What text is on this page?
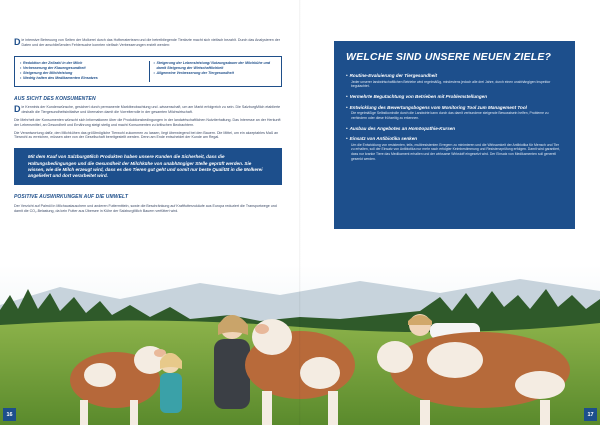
Die intensive Betreuung von Seiten der Molkerei durch das Hofberaterteam und die betreibliegende Tierärzte macht sich vielfach bezahlt. Durch das Analysieren der Daten und der anschließenden Fehlersuche konnten vielfach Verbesserungen erzielt werden:

• Reduktion der Zellzahl in der Milch
• Verbesserung der Klauengesundheit
• Steigerung der Milchleistung
• Niedrig halten des Medikamenten Einsatzes
• Steigerung der Lebensleistung/ Nutzungsdauer der Milchkühe und damit Steigerung der Wirtschaftlichkeit
• Allgemeine Verbesserung der Tiergesundheit
AUS SICHT DES KONSUMENTEN

Die Kenntnis der Kundenwünsche, gesichert durch permanente Marktbeobachtung und -wissenschaft, um am Markt erfolgreich zu sein. Die SalzburgMilch etablierte deshalb die Tiergesundheitsinitiative und übernahm damit die Vorreiterrolle in der gesamten Milchwirtschaft.

Die Mehrheit der Konsumenten wünscht sich Informationen über die Produktionsbedingungen in der landwirtschaftlichen Nutztierhaltung. Das Interesse an der Herkunft der Lebensmittel, an Gesundheit und Ernährung steigt stetig und macht Konsumenten zu kritischen Beobachtern.

Die Verantwortung dafür, den Milchkühen das größtmögliche Tierwohl zukommen zu lassen, liegt überwiegend bei den Bauern. Die Mittel, um ein akzeptables Maß an Tierwohl zu erreichen, müssen aber von der Gesellschaft bereitgestellt werden. Denn am Ende entscheidet der Kunde am Regal.

Mit dem Kauf von SalzburgMilch Produkten haben unsere Kunden die Sicherheit, dass die Haltungsbedingungen und die Gesundheit der Milchkühe von unabhängiger Stelle geprüft werden. Sie wissen, wie die Milch erzeugt wird, dass es den Tieren gut geht und somit nur beste Qualität in die Molkerei angeliefert und dort verarbeitet wird.
POSITIVE AUSWIRKUNGEN AUF DIE UMWELT

Der Verzicht auf Palmöl in Milchaustauschern und anderen Futtermitteln, sowie die Beschränkung auf Kraftfutterzukäufe aus Europa reduziert die Transportwege und damit die CO₂-Belastung, da kein Futter aus Übersee in Kühe der SalzburgMilch Bauern verfüttert wird.

WELCHE SIND UNSERE NEUEN ZIELE?
• Routine-Evaluierung der Tiergesundheit
Jeder unserer landwirtschaftlichen Betriebe wird regelmäßig, mindestens jedoch alle drei Jahre, durch einen unabhängigen Inspektor begutachtet.
• Vermehrte Begutachtung von Betrieben mit Problemstellungen
• Entwicklung des Bewertungsbogens vom Monitoring Tool zum Management Tool
Die regelmäßige Selbstkontrolle durch die Landwirte kann durch das damit verbundene steigende Bewusstsein helfen, Probleme zu verhindern oder diese frühzeitig zu erkennen.
• Ausbau des Angebotes an Homöopathie-Kursen
• Einsatz von Antibiotika senken
Um die Entwicklung von resistenten, teils, multiresistenten Erregern zu minimieren und die Wirksamkeit der Antibiotika für Mensch und Tier zu erhalten, soll der Einsatz von Antibiotika nur mehr nach erfolgter Keimbestimmung und Resistenzprüfung erfolgen. Damit wird garantiert, dass nur kranke Tiere das Medikament erhalten und der wirksame Wirkstoff eingesetzt wird. Der Einsatz von Medikamenten soll generell gesenkt werden.
16	17
